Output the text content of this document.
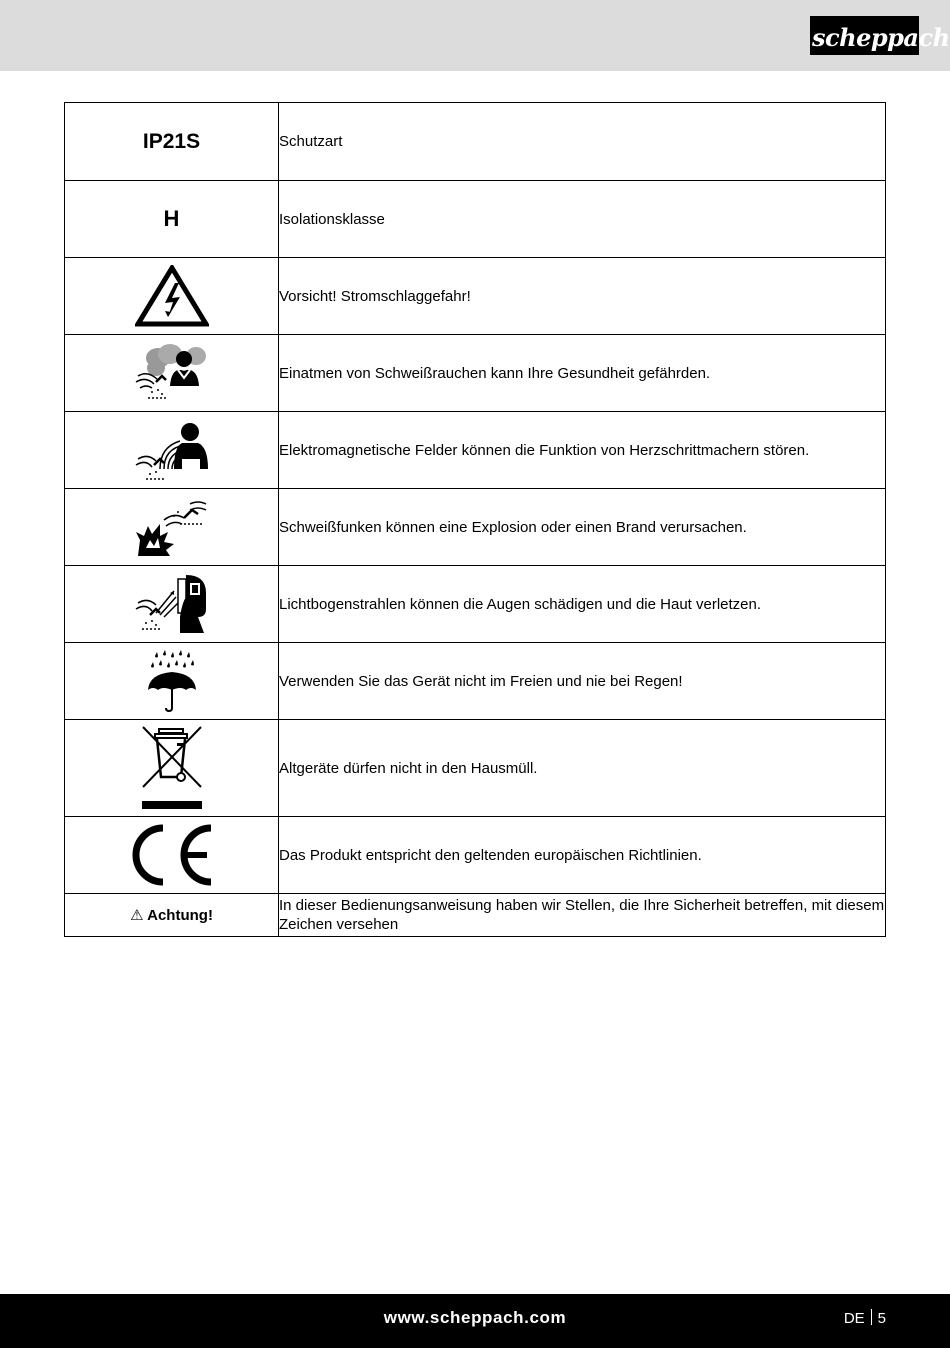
scheppach
IP21S	Schutzart
H	Isolationsklasse

	Vorsicht! Stromschlaggefahr!

	Einatmen von Schweißrauchen kann Ihre Gesundheit gefährden.

	Elektromagnetische Felder können die Funktion von Herzschrittmachern stören.

	Schweißfunken können eine Explosion oder einen Brand verursachen.

	Lichtbogenstrahlen können die Augen schädigen und die Haut verletzen.

	Verwenden Sie das Gerät nicht im Freien und nie bei Regen!

	Altgeräte dürfen nicht in den Hausmüll.

	Das Produkt entspricht den geltenden europäischen Richtlinien.
⚠ Achtung!	In dieser Bedienungsanweisung haben wir Stellen, die Ihre Sicherheit betreffen, mit diesem Zeichen versehen
www.scheppach.com	DE 5
